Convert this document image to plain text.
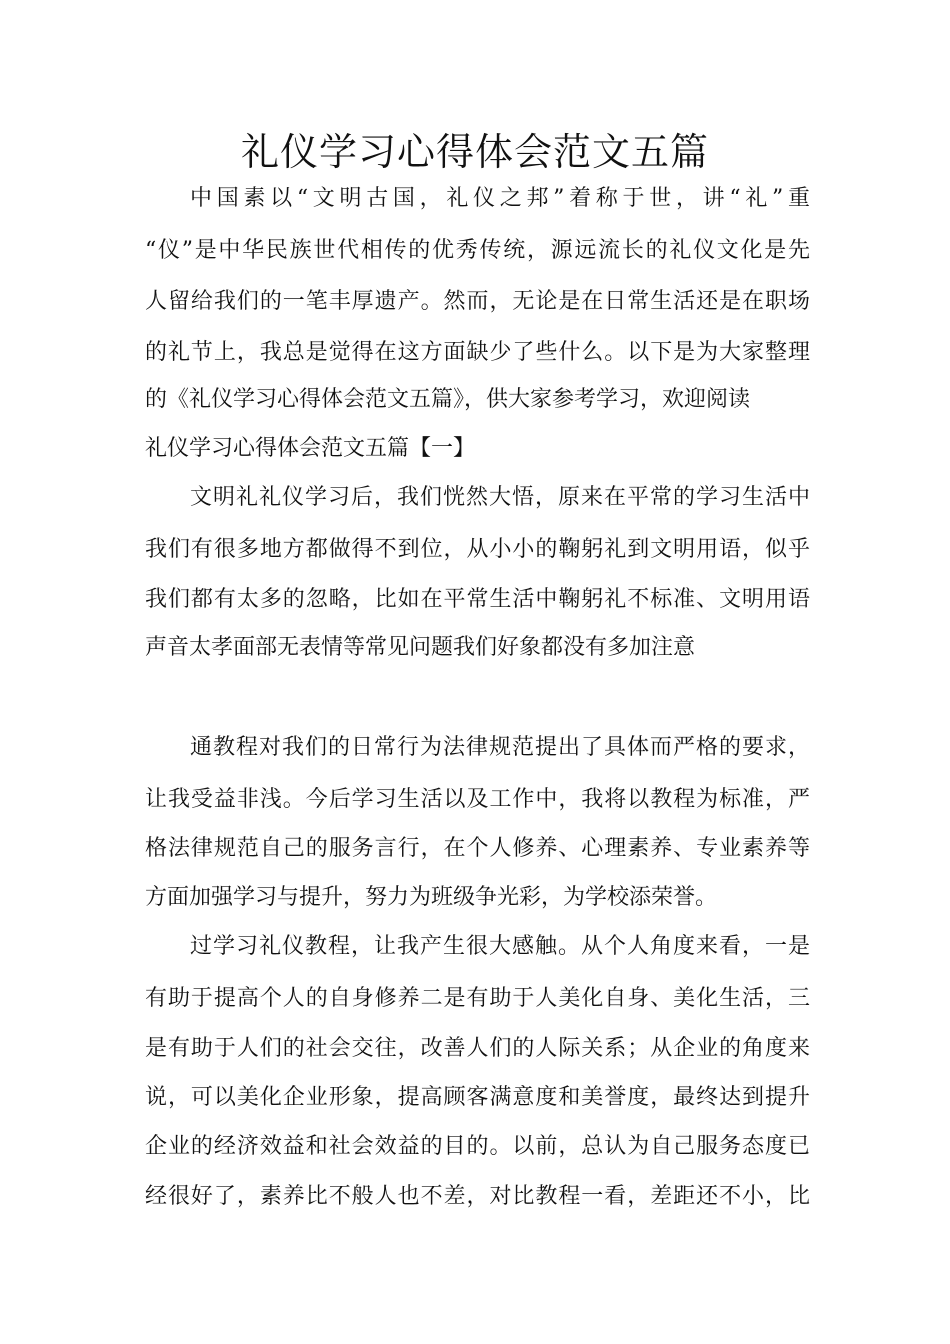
礼仪学习心得体会范文五篇
中国素以“文明古国，礼仪之邦”着称于世，讲“礼”重
“仪”是中华民族世代相传的优秀传统，源远流长的礼仪文化是先
人留给我们的一笔丰厚遗产。然而，无论是在日常生活还是在职场
的礼节上，我总是觉得在这方面缺少了些什么。以下是为大家整理
的《礼仪学习心得体会范文五篇》，供大家参考学习，欢迎阅读
礼仪学习心得体会范文五篇【一】
文明礼礼仪学习后，我们恍然大悟，原来在平常的学习生活中
我们有很多地方都做得不到位，从小小的鞠躬礼到文明用语，似乎
我们都有太多的忽略，比如在平常生活中鞠躬礼不标准、文明用语
声音太孝面部无表情等常见问题我们好象都没有多加注意
通教程对我们的日常行为法律规范提出了具体而严格的要求，
让我受益非浅。今后学习生活以及工作中，我将以教程为标准，严
格法律规范自己的服务言行，在个人修养、心理素养、专业素养等
方面加强学习与提升，努力为班级争光彩，为学校添荣誉。
过学习礼仪教程，让我产生很大感触。从个人角度来看，一是
有助于提高个人的自身修养二是有助于人美化自身、美化生活，三
是有助于人们的社会交往，改善人们的人际关系；从企业的角度来
说，可以美化企业形象，提高顾客满意度和美誉度，最终达到提升
企业的经济效益和社会效益的目的。以前，总认为自己服务态度已
经很好了，素养比不般人也不差，对比教程一看，差距还不小，比
